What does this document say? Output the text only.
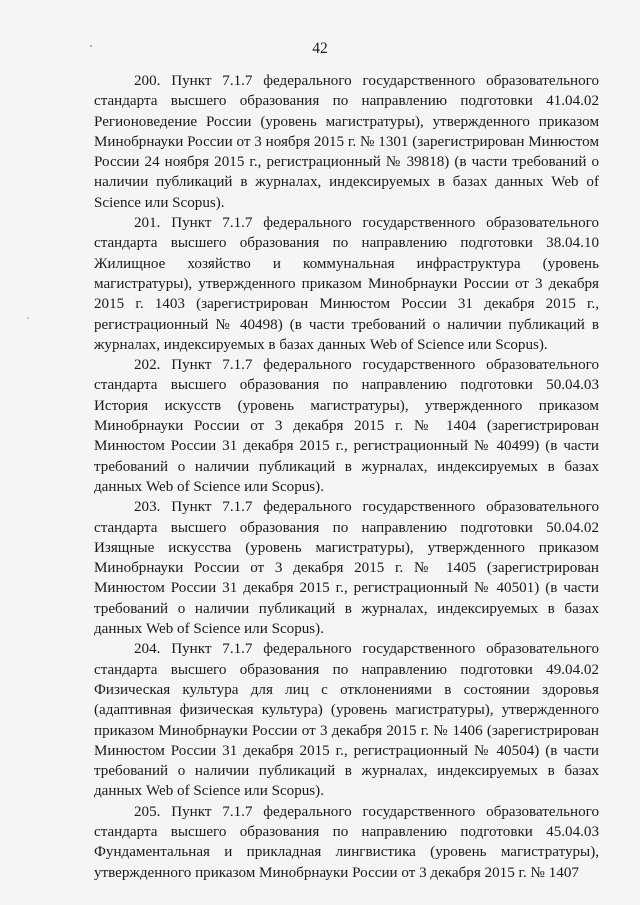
42

200. Пункт 7.1.7 федерального государственного образовательного стандарта высшего образования по направлению подготовки 41.04.02 Регионоведение России (уровень магистратуры), утвержденного приказом Минобрнауки России от 3 ноября 2015 г. № 1301 (зарегистрирован Минюстом России 24 ноября 2015 г., регистрационный № 39818) (в части требований о наличии публикаций в журналах, индексируемых в базах данных Web of Science или Scopus).

201. Пункт 7.1.7 федерального государственного образовательного стандарта высшего образования по направлению подготовки 38.04.10 Жилищное хозяйство и коммунальная инфраструктура (уровень магистратуры), утвержденного приказом Минобрнауки России от 3 декабря 2015 г. 1403 (зарегистрирован Минюстом России 31 декабря 2015 г., регистрационный № 40498) (в части требований о наличии публикаций в журналах, индексируемых в базах данных Web of Science или Scopus).

202. Пункт 7.1.7 федерального государственного образовательного стандарта высшего образования по направлению подготовки 50.04.03 История искусств (уровень магистратуры), утвержденного приказом Минобрнауки России от 3 декабря 2015 г. № 1404 (зарегистрирован Минюстом России 31 декабря 2015 г., регистрационный № 40499) (в части требований о наличии публикаций в журналах, индексируемых в базах данных Web of Science или Scopus).

203. Пункт 7.1.7 федерального государственного образовательного стандарта высшего образования по направлению подготовки 50.04.02 Изящные искусства (уровень магистратуры), утвержденного приказом Минобрнауки России от 3 декабря 2015 г. № 1405 (зарегистрирован Минюстом России 31 декабря 2015 г., регистрационный № 40501) (в части требований о наличии публикаций в журналах, индексируемых в базах данных Web of Science или Scopus).

204. Пункт 7.1.7 федерального государственного образовательного стандарта высшего образования по направлению подготовки 49.04.02 Физическая культура для лиц с отклонениями в состоянии здоровья (адаптивная физическая культура) (уровень магистратуры), утвержденного приказом Минобрнауки России от 3 декабря 2015 г. № 1406 (зарегистрирован Минюстом России 31 декабря 2015 г., регистрационный № 40504) (в части требований о наличии публикаций в журналах, индексируемых в базах данных Web of Science или Scopus).

205. Пункт 7.1.7 федерального государственного образовательного стандарта высшего образования по направлению подготовки 45.04.03 Фундаментальная и прикладная лингвистика (уровень магистратуры), утвержденного приказом Минобрнауки России от 3 декабря 2015 г. № 1407
